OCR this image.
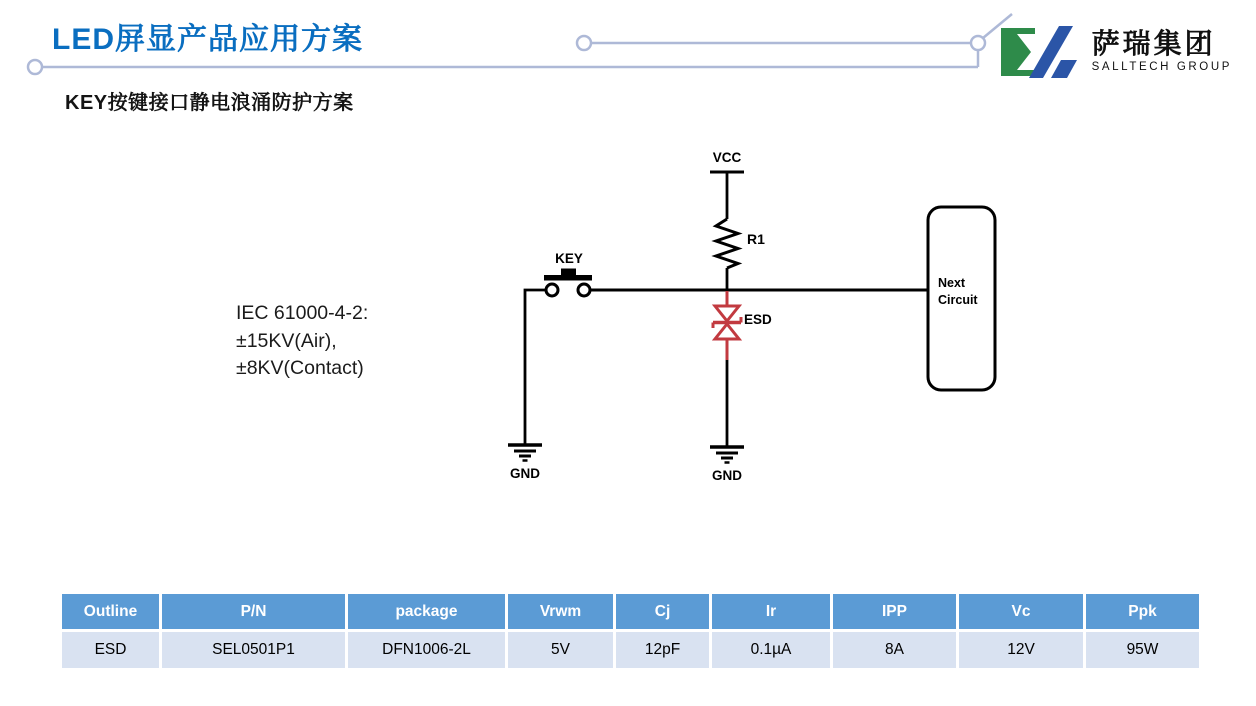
LED屏显产品应用方案
KEY按键接口静电浪涌防护方案
萨瑞集团
SALLTECH GROUP
IEC 61000-4-2:
±15KV(Air),
±8KV(Contact)
VCC
R1
KEY
GND
ESD
GND
Next
Circuit
Outline	P/N	package	Vrwm	Cj	Ir	IPP	Vc	Ppk
ESD	SEL0501P1	DFN1006-2L	5V	12pF	0.1µA	8A	12V	95W
